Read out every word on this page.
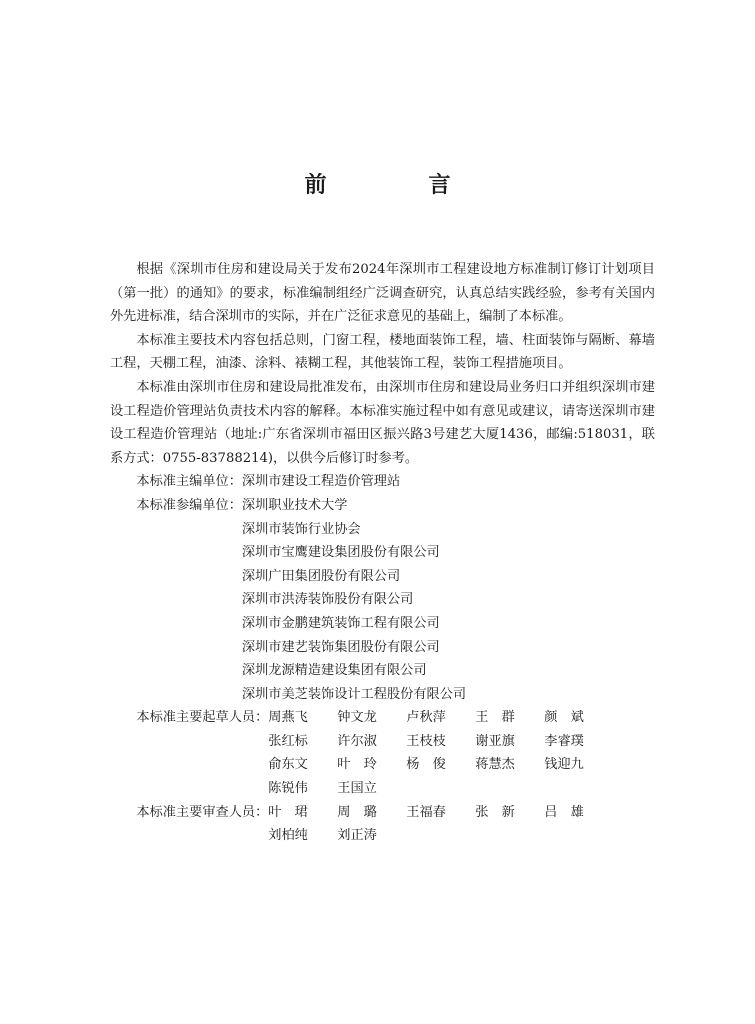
前　言

根据《深圳市住房和建设局关于发布2024年深圳市工程建设地方标准制订修订计划项目（第一批）的通知》的要求，标准编制组经广泛调查研究，认真总结实践经验，参考有关国内外先进标准，结合深圳市的实际，并在广泛征求意见的基础上，编制了本标准。

本标准主要技术内容包括总则，门窗工程，楼地面装饰工程，墙、柱面装饰与隔断、幕墙工程，天棚工程，油漆、涂料、裱糊工程，其他装饰工程，装饰工程措施项目。

本标准由深圳市住房和建设局批准发布，由深圳市住房和建设局业务归口并组织深圳市建设工程造价管理站负责技术内容的解释。本标准实施过程中如有意见或建议，请寄送深圳市建设工程造价管理站（地址:广东省深圳市福田区振兴路3号建艺大厦1436，邮编:518031，联系方式：0755-83788214)，以供今后修订时参考。

本标准主编单位： 深圳市建设工程造价管理站
本标准参编单位： 深圳职业技术大学
深圳市装饰行业协会
深圳市宝鹰建设集团股份有限公司
深圳广田集团股份有限公司
深圳市洪涛装饰股份有限公司
深圳市金鹏建筑装饰工程有限公司
深圳市建艺装饰集团股份有限公司
深圳龙源精造建设集团有限公司
深圳市美芝装饰设计工程股份有限公司
本标准主要起草人员： 周燕飞	钟文龙	卢秋萍	王　群	颜　斌
张红标	许尔淑	王枝枝	谢亚旗	李睿璞
俞东文	叶　玲	杨　俊	蒋慧杰	钱迎九
陈锐伟	王国立
本标准主要审查人员： 叶　珺	周　璐	王福春	张　新	吕　雄
刘柏纯	刘正涛
